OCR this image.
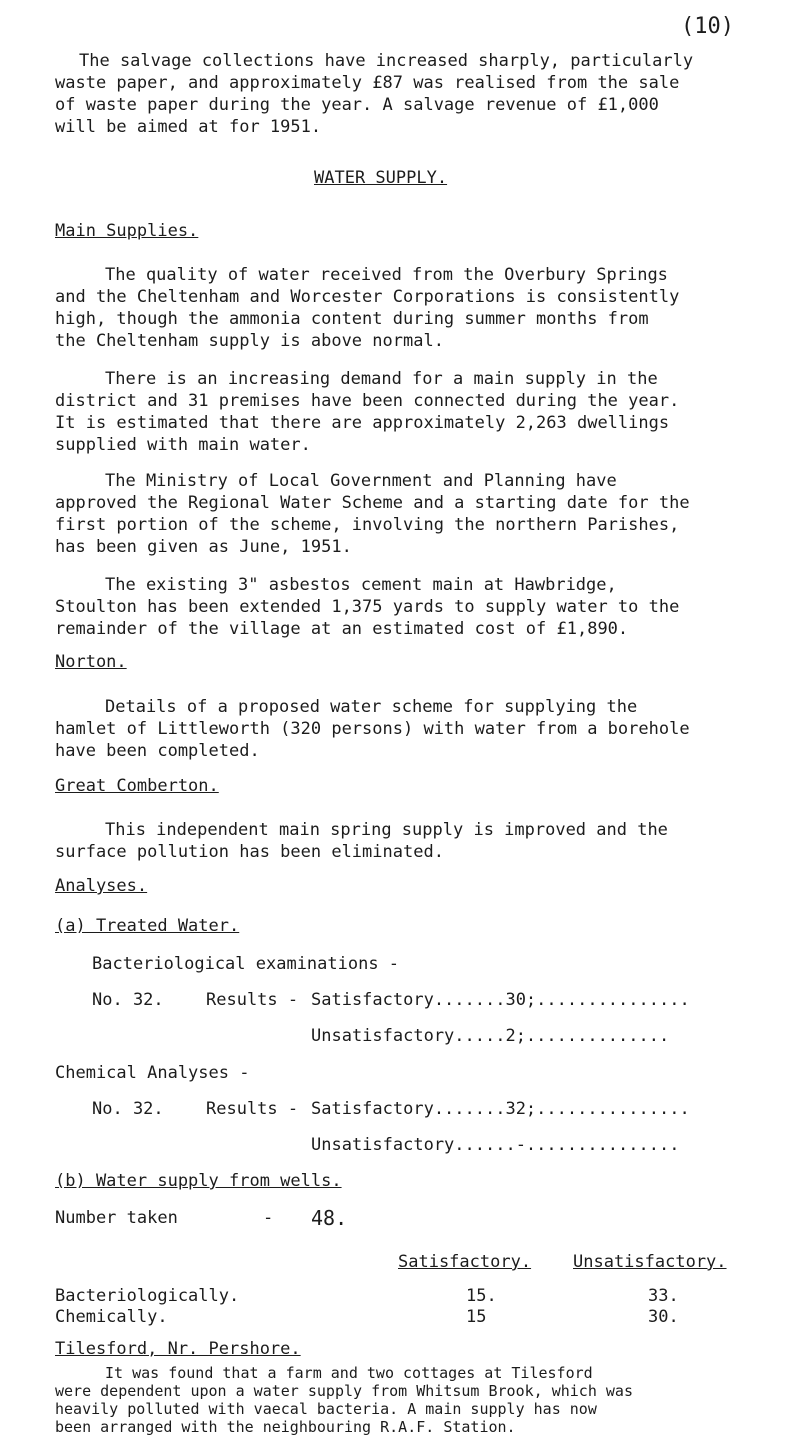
(10)
The salvage collections have increased sharply, particularly
waste paper, and approximately £87 was realised from the sale
of waste paper during the year. A salvage revenue of £1,000
will be aimed at for 1951.
WATER SUPPLY.
Main Supplies.
The quality of water received from the Overbury Springs
and the Cheltenham and Worcester Corporations is consistently
high, though the ammonia content during summer months from
the Cheltenham supply is above normal.
There is an increasing demand for a main supply in the
district and 31 premises have been connected during the year.
It is estimated that there are approximately 2,263 dwellings
supplied with main water.
The Ministry of Local Government and Planning have
approved the Regional Water Scheme and a starting date for the
first portion of the scheme, involving the northern Parishes,
has been given as June, 1951.
The existing 3" asbestos cement main at Hawbridge,
Stoulton has been extended 1,375 yards to supply water to the
remainder of the village at an estimated cost of £1,890.
Norton.
Details of a proposed water scheme for supplying the
hamlet of Littleworth (320 persons) with water from a borehole
have been completed.
Great Comberton.
This independent main spring supply is improved and the
surface pollution has been eliminated.
Analyses.
(a) Treated Water.
Bacteriological examinations -
No. 32. Results - Satisfactory.......30;...............
Unsatisfactory.....2;..............
Chemical Analyses -
No. 32. Results - Satisfactory.......32;...............
Unsatisfactory......-...............
(b) Water supply from wells.
Number taken	- 48.
Satisfactory. Unsatisfactory.
Bacteriologically.	15.	33.
Chemically.	15	30.
Tilesford, Nr. Pershore.
It was found that a farm and two cottages at Tilesford
were dependent upon a water supply from Whitsum Brook, which was
heavily polluted with vaecal bacteria. A main supply has now
been arranged with the neighbouring R.A.F. Station.
